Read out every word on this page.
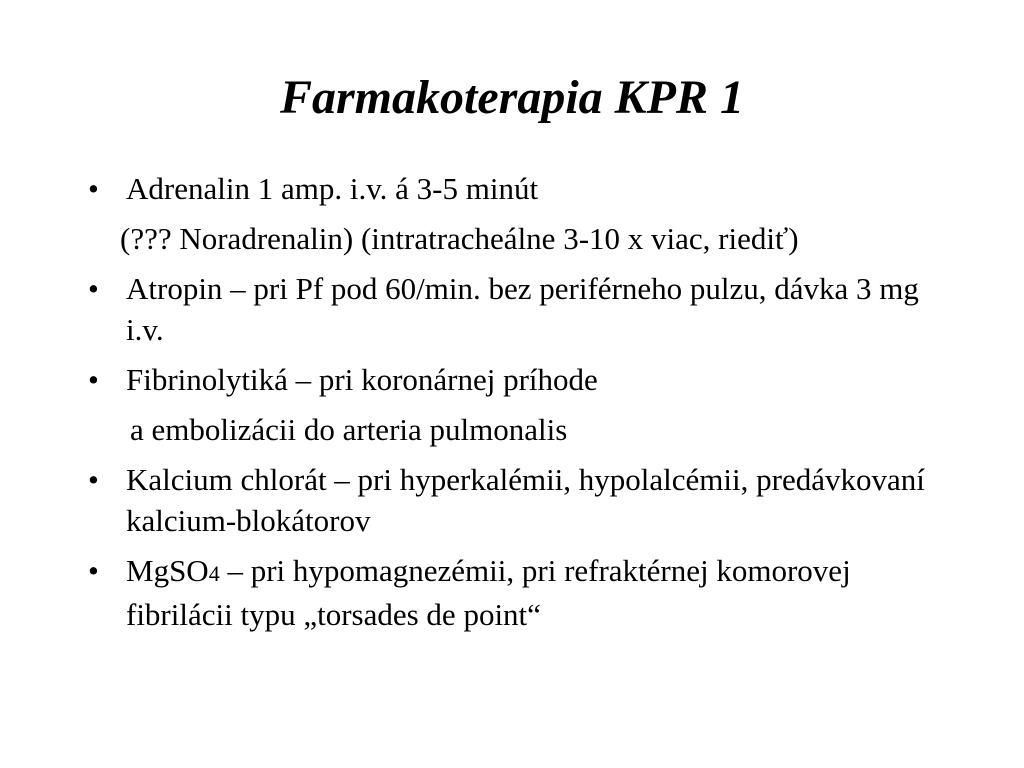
Farmakoterapia KPR 1
• Adrenalin 1 amp. i.v. á 3-5 minút
(??? Noradrenalin) (intratracheálne 3-10 x viac, riediť)
• Atropin – pri Pf pod 60/min. bez periférneho pulzu, dávka 3 mg i.v.
• Fibrinolytiká – pri koronárnej príhode
a embolizácii do arteria pulmonalis
• Kalcium chlorát – pri hyperkalémii, hypolalcémii, predávkovaní kalcium-blokátorov
• MgSO4 – pri hypomagnezémii, pri refraktérnej komorovej fibrilácii typu „torsades de point“
